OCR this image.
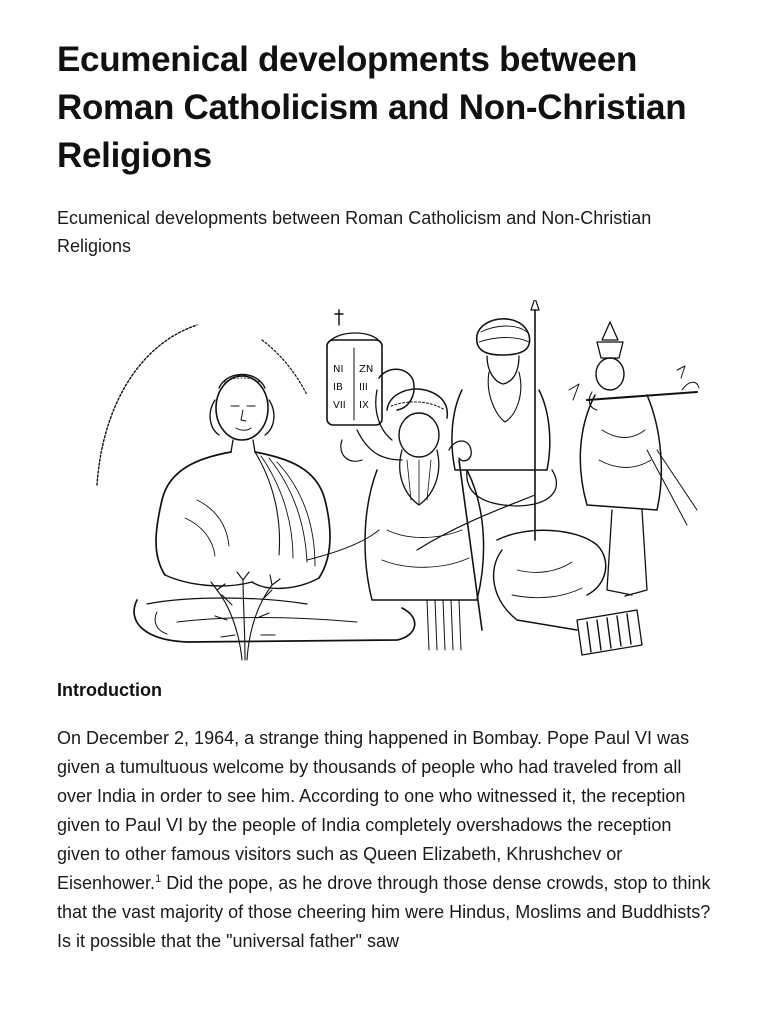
Ecumenical developments between Roman Catholicism and Non-Christian Religions

Ecumenical developments between Roman Catholicism and Non-Christian Religions

NI ZN
IB III
VII IX
Introduction

On December 2, 1964, a strange thing happened in Bombay. Pope Paul VI was given a tumultuous welcome by thousands of people who had traveled from all over India in order to see him. According to one who witnessed it, the reception given to Paul VI by the people of India completely overshadows the reception given to other famous visitors such as Queen Elizabeth, Khrushchev or Eisenhower.$^1$ Did the pope, as he drove through those dense crowds, stop to think that the vast majority of those cheering him were Hindus, Moslims and Buddhists? Is it possible that the "universal father" saw
